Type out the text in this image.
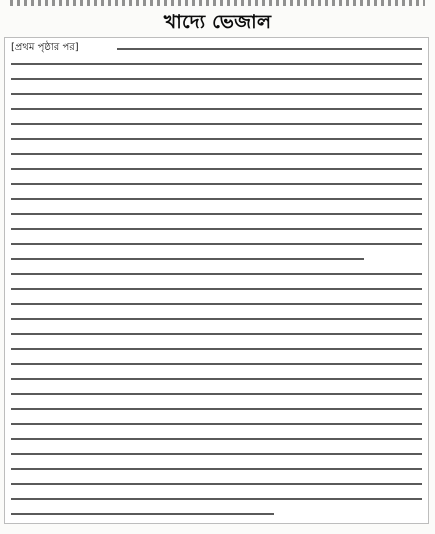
খাদ্যে ভেজাল
[প্রথম পৃষ্ঠার পর]
